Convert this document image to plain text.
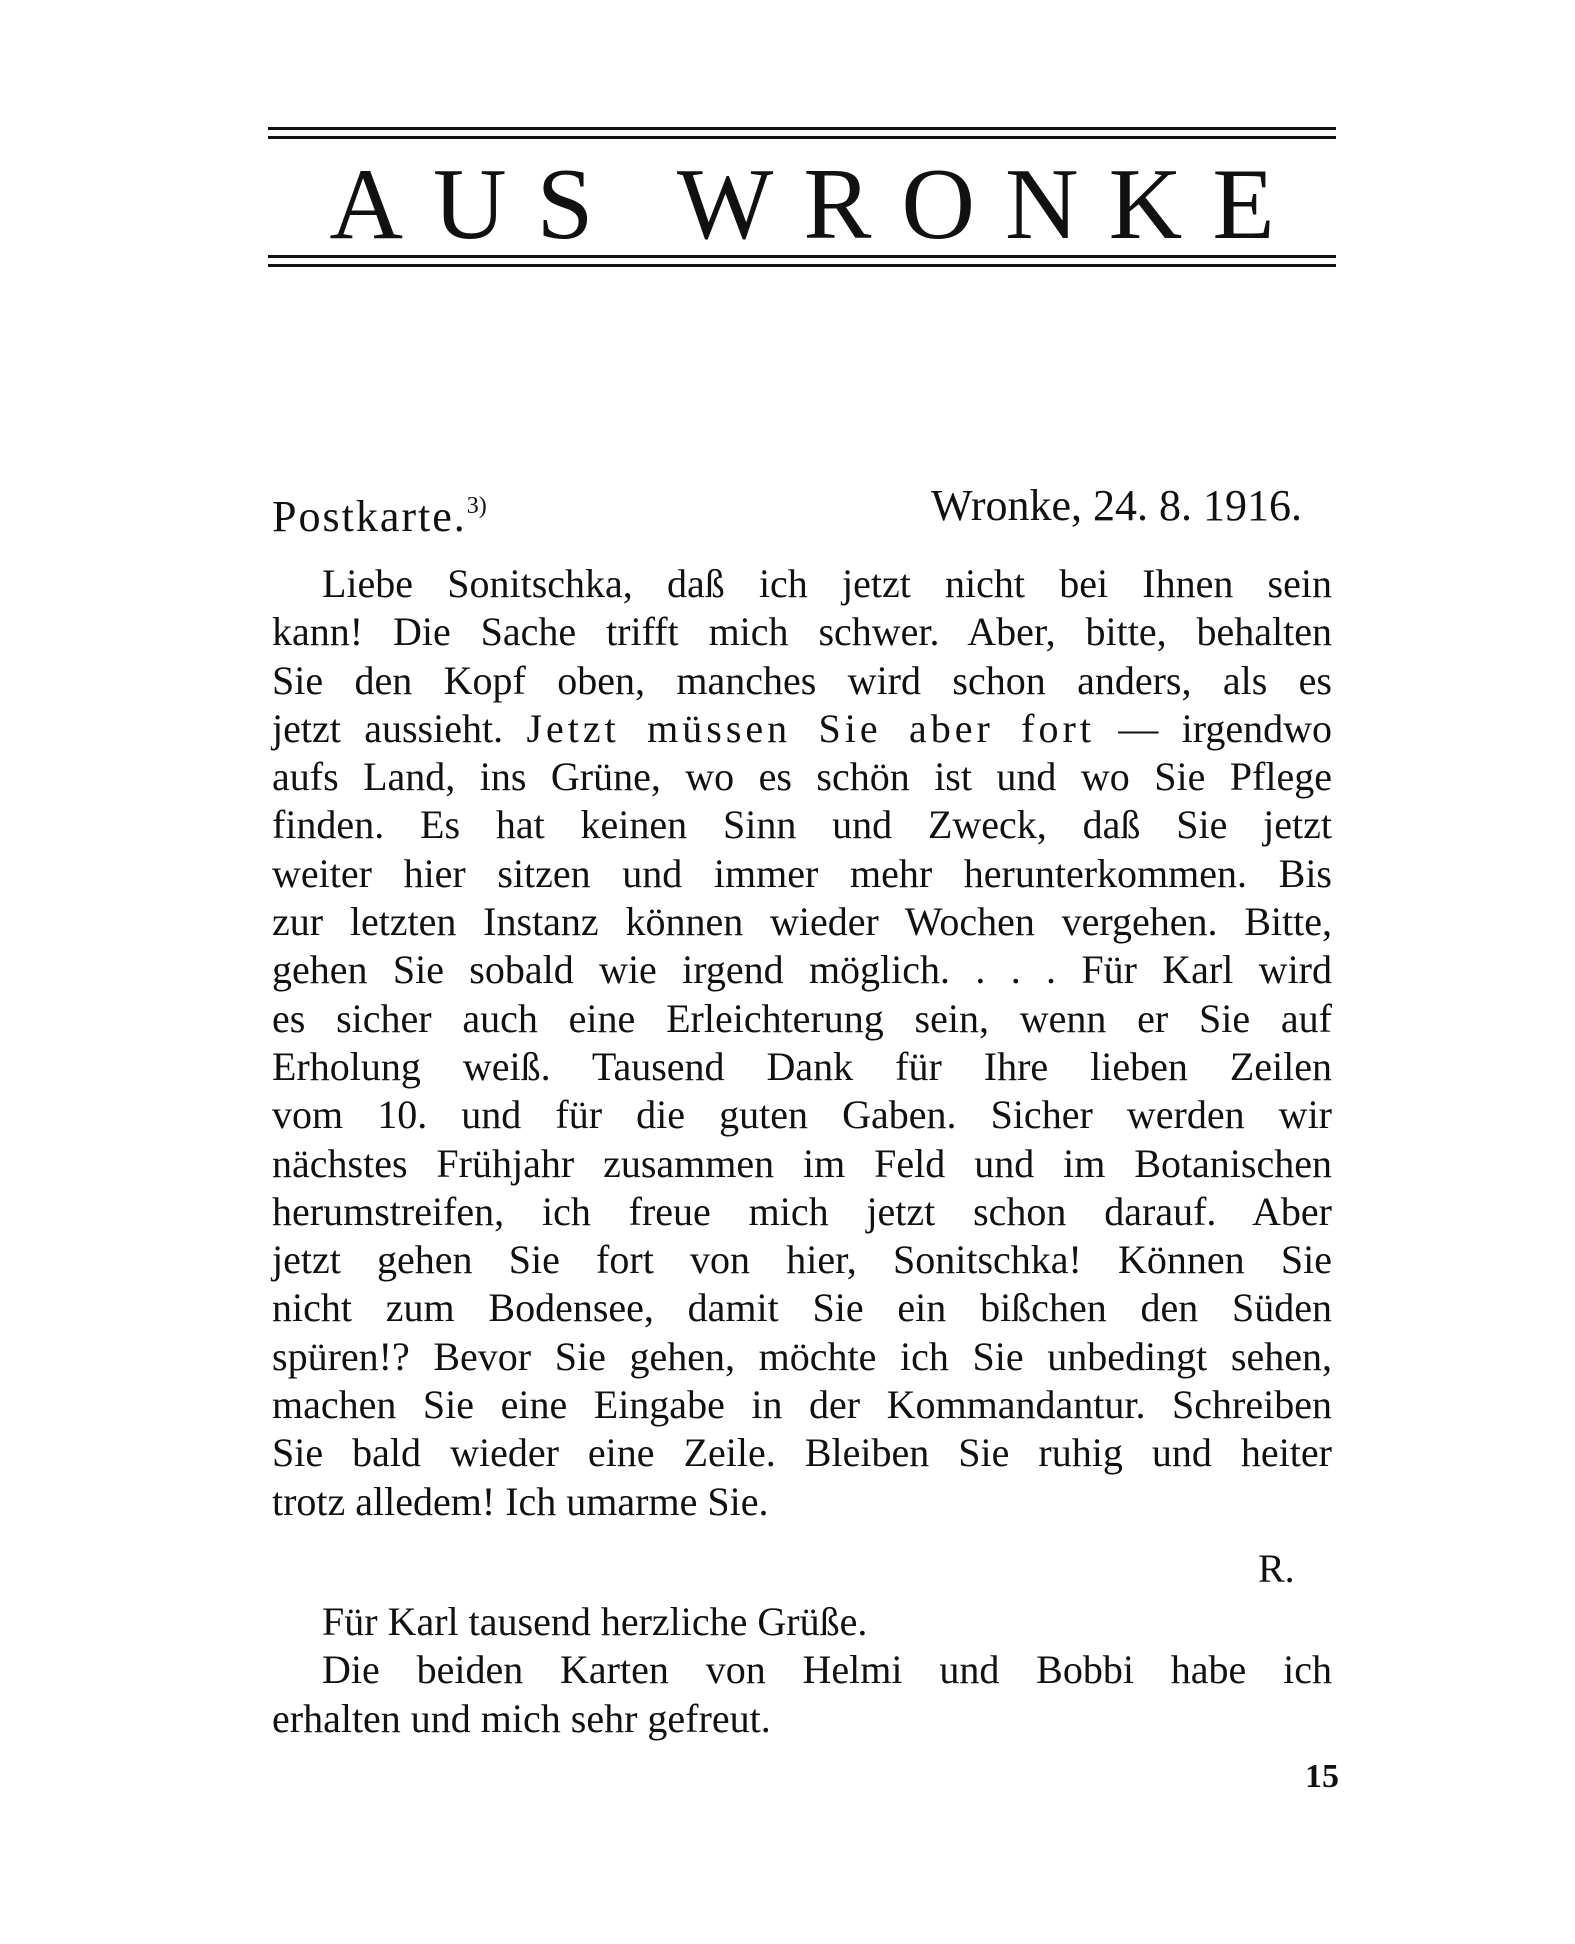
AUS WRONKE
Postkarte.$^{3)}$	Wronke, 24. 8. 1916.
Liebe Sonitschka, daß ich jetzt nicht bei Ihnen sein
kann! Die Sache trifft mich schwer. Aber, bitte, behalten
Sie den Kopf oben, manches wird schon anders, als es
jetzt aussieht. Jetzt müssen Sie aber fort — irgendwo
aufs Land, ins Grüne, wo es schön ist und wo Sie Pflege
finden. Es hat keinen Sinn und Zweck, daß Sie jetzt
weiter hier sitzen und immer mehr herunterkommen. Bis
zur letzten Instanz können wieder Wochen vergehen. Bitte,
gehen Sie sobald wie irgend möglich. . . . Für Karl wird
es sicher auch eine Erleichterung sein, wenn er Sie auf
Erholung weiß. Tausend Dank für Ihre lieben Zeilen
vom 10. und für die guten Gaben. Sicher werden wir
nächstes Frühjahr zusammen im Feld und im Botanischen
herumstreifen, ich freue mich jetzt schon darauf. Aber
jetzt gehen Sie fort von hier, Sonitschka! Können Sie
nicht zum Bodensee, damit Sie ein bißchen den Süden
spüren!? Bevor Sie gehen, möchte ich Sie unbedingt sehen,
machen Sie eine Eingabe in der Kommandantur. Schreiben
Sie bald wieder eine Zeile. Bleiben Sie ruhig und heiter
trotz alledem! Ich umarme Sie.
R.
Für Karl tausend herzliche Grüße.
Die beiden Karten von Helmi und Bobbi habe ich
erhalten und mich sehr gefreut.
15
